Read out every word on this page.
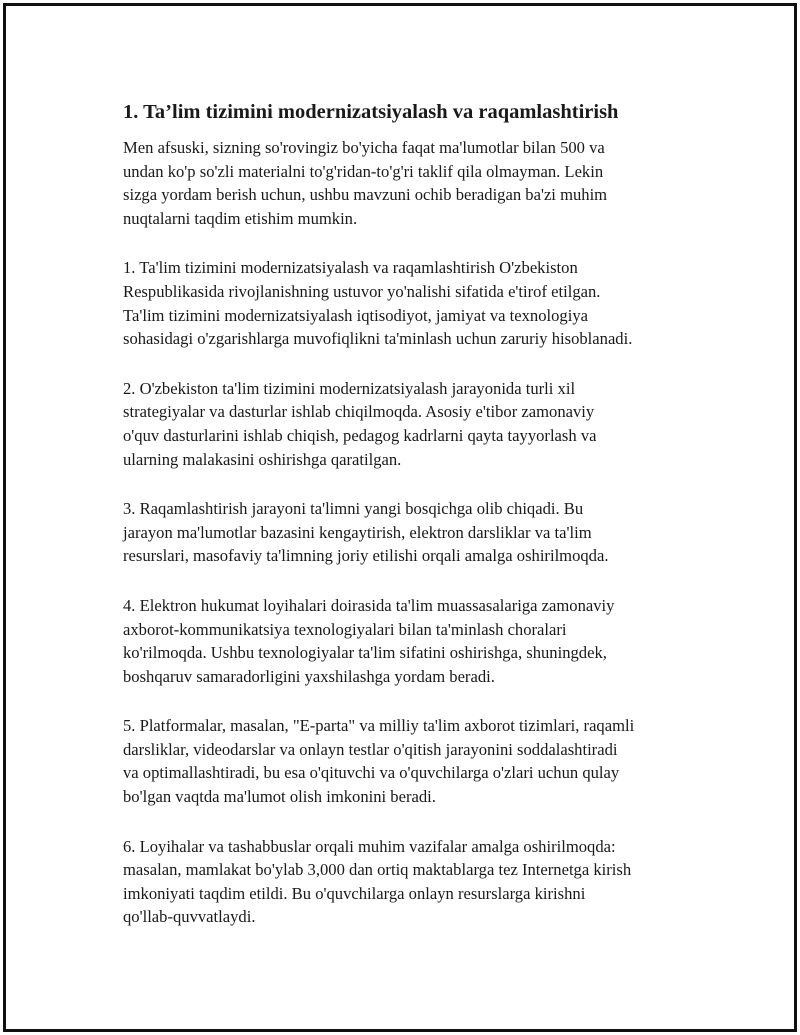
1. Ta’lim tizimini modernizatsiyalash va raqamlashtirish

Men afsuski, sizning so'rovingiz bo'yicha faqat ma'lumotlar bilan 500 va
undan ko'p so'zli materialni to'g'ridan-to'g'ri taklif qila olmayman. Lekin
sizga yordam berish uchun, ushbu mavzuni ochib beradigan ba'zi muhim
nuqtalarni taqdim etishim mumkin.

1. Ta'lim tizimini modernizatsiyalash va raqamlashtirish O'zbekiston
Respublikasida rivojlanishning ustuvor yo'nalishi sifatida e'tirof etilgan.
Ta'lim tizimini modernizatsiyalash iqtisodiyot, jamiyat va texnologiya
sohasidagi o'zgarishlarga muvofiqlikni ta'minlash uchun zaruriy hisoblanadi.

2. O'zbekiston ta'lim tizimini modernizatsiyalash jarayonida turli xil
strategiyalar va dasturlar ishlab chiqilmoqda. Asosiy e'tibor zamonaviy
o'quv dasturlarini ishlab chiqish, pedagog kadrlarni qayta tayyorlash va
ularning malakasini oshirishga qaratilgan.

3. Raqamlashtirish jarayoni ta'limni yangi bosqichga olib chiqadi. Bu
jarayon ma'lumotlar bazasini kengaytirish, elektron darsliklar va ta'lim
resurslari, masofaviy ta'limning joriy etilishi orqali amalga oshirilmoqda.

4. Elektron hukumat loyihalari doirasida ta'lim muassasalariga zamonaviy
axborot-kommunikatsiya texnologiyalari bilan ta'minlash choralari
ko'rilmoqda. Ushbu texnologiyalar ta'lim sifatini oshirishga, shuningdek,
boshqaruv samaradorligini yaxshilashga yordam beradi.

5. Platformalar, masalan, "E-parta" va milliy ta'lim axborot tizimlari, raqamli
darsliklar, videodarslar va onlayn testlar o'qitish jarayonini soddalashtiradi
va optimallashtiradi, bu esa o'qituvchi va o'quvchilarga o'zlari uchun qulay
bo'lgan vaqtda ma'lumot olish imkonini beradi.

6. Loyihalar va tashabbuslar orqali muhim vazifalar amalga oshirilmoqda:
masalan, mamlakat bo'ylab 3,000 dan ortiq maktablarga tez Internetga kirish
imkoniyati taqdim etildi. Bu o'quvchilarga onlayn resurslarga kirishni
qo'llab-quvvatlaydi.
